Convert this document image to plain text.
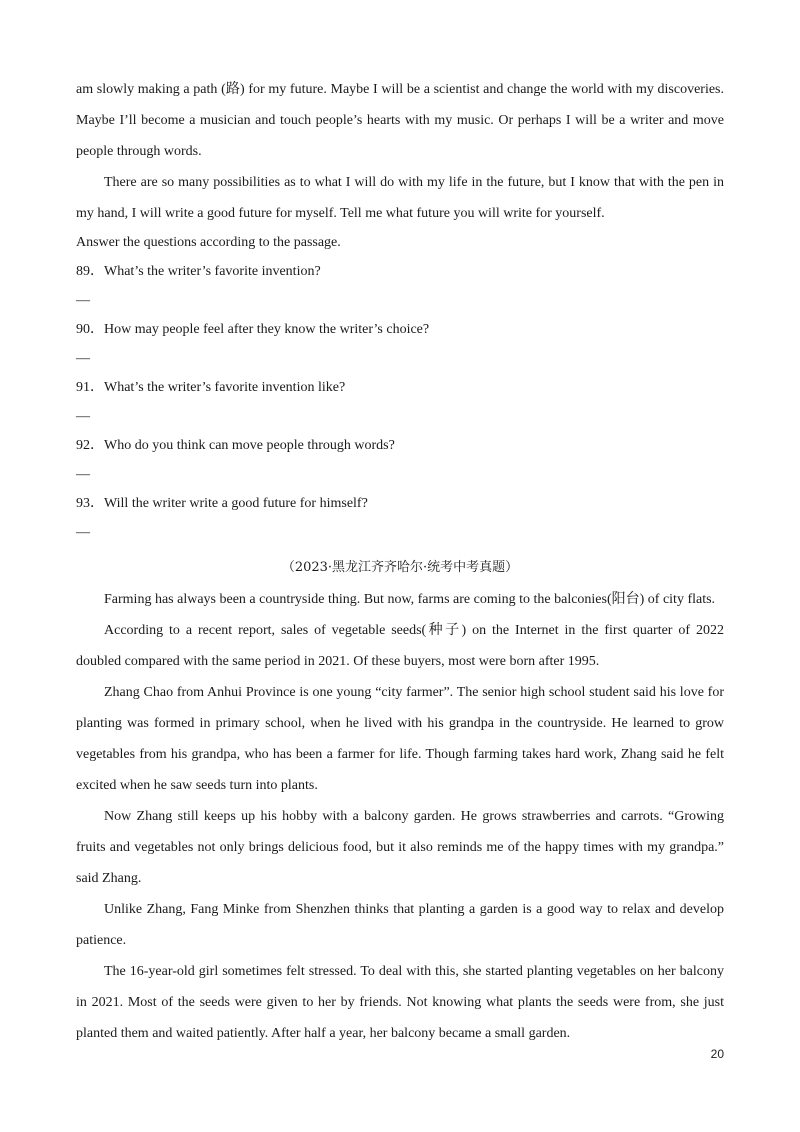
am slowly making a path (路) for my future. Maybe I will be a scientist and change the world with my discoveries. Maybe I’ll become a musician and touch people’s hearts with my music. Or perhaps I will be a writer and move people through words.

There are so many possibilities as to what I will do with my life in the future, but I know that with the pen in my hand, I will write a good future for myself. Tell me what future you will write for yourself.

Answer the questions according to the passage.

89．What’s the writer’s favorite invention?

—

90．How may people feel after they know the writer’s choice?

—

91．What’s the writer’s favorite invention like?

—

92．Who do you think can move people through words?

—

93．Will the writer write a good future for himself?

—

（2023·黑龙江齐齐哈尔·统考中考真题）

Farming has always been a countryside thing. But now, farms are coming to the balconies(阳台) of city flats.

According to a recent report, sales of vegetable seeds(种子) on the Internet in the first quarter of 2022 doubled compared with the same period in 2021. Of these buyers, most were born after 1995.

Zhang Chao from Anhui Province is one young “city farmer”. The senior high school student said his love for planting was formed in primary school, when he lived with his grandpa in the countryside. He learned to grow vegetables from his grandpa, who has been a farmer for life. Though farming takes hard work, Zhang said he felt excited when he saw seeds turn into plants.

Now Zhang still keeps up his hobby with a balcony garden. He grows strawberries and carrots. “Growing fruits and vegetables not only brings delicious food, but it also reminds me of the happy times with my grandpa.” said Zhang.

Unlike Zhang, Fang Minke from Shenzhen thinks that planting a garden is a good way to relax and develop patience.

The 16-year-old girl sometimes felt stressed. To deal with this, she started planting vegetables on her balcony in 2021. Most of the seeds were given to her by friends. Not knowing what plants the seeds were from, she just planted them and waited patiently. After half a year, her balcony became a small garden.

20
